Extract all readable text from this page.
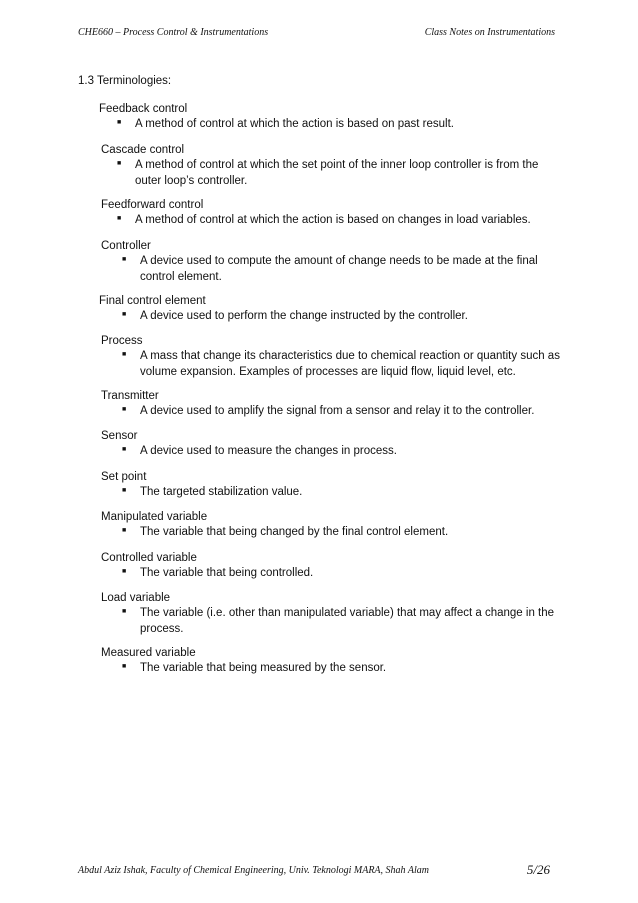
CHE660 – Process Control & Instrumentations	Class Notes on Instrumentations
1.3 Terminologies:
Feedback control
■ A method of control at which the action is based on past result.
Cascade control
■ A method of control at which the set point of the inner loop controller is from the outer loop’s controller.
Feedforward control
■ A method of control at which the action is based on changes in load variables.
Controller
■ A device used to compute the amount of change needs to be made at the final control element.
Final control element
■ A device used to perform the change instructed by the controller.
Process
■ A mass that change its characteristics due to chemical reaction or quantity such as volume expansion. Examples of processes are liquid flow, liquid level, etc.
Transmitter
■ A device used to amplify the signal from a sensor and relay it to the controller.
Sensor
■ A device used to measure the changes in process.
Set point
■ The targeted stabilization value.
Manipulated variable
■ The variable that being changed by the final control element.
Controlled variable
■ The variable that being controlled.
Load variable
■ The variable (i.e. other than manipulated variable) that may affect a change in the process.
Measured variable
■ The variable that being measured by the sensor.
Abdul Aziz Ishak, Faculty of Chemical Engineering, Univ. Teknologi MARA, Shah Alam	5/26
